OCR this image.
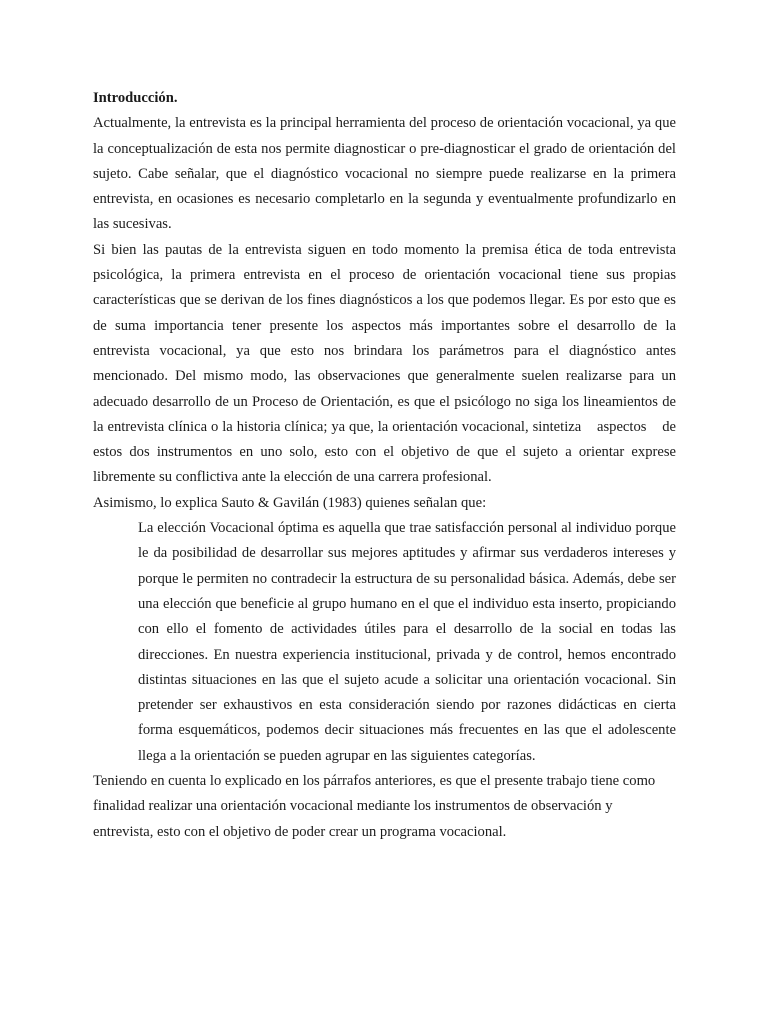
Introducción.

Actualmente, la entrevista es la principal herramienta del proceso de orientación vocacional, ya que la conceptualización de esta nos permite diagnosticar o pre-diagnosticar el grado de orientación del sujeto. Cabe señalar, que el diagnóstico vocacional no siempre puede realizarse en la primera entrevista, en ocasiones es necesario completarlo en la segunda y eventualmente profundizarlo en las sucesivas.

Si bien las pautas de la entrevista siguen en todo momento la premisa ética de toda entrevista psicológica, la primera entrevista en el proceso de orientación vocacional tiene sus propias características que se derivan de los fines diagnósticos a los que podemos llegar. Es por esto que es de suma importancia tener presente los aspectos más importantes sobre el desarrollo de la entrevista vocacional, ya que esto nos brindara los parámetros para el diagnóstico antes mencionado. Del mismo modo, las observaciones que generalmente suelen realizarse para un adecuado desarrollo de un Proceso de Orientación, es que el psicólogo no siga los lineamientos de la entrevista clínica o la historia clínica; ya que, la orientación vocacional, sintetiza    aspectos    de estos dos instrumentos en uno solo, esto con el objetivo de que el sujeto a orientar exprese libremente su conflictiva ante la elección de una carrera profesional.

Asimismo, lo explica Sauto & Gavilán (1983) quienes señalan que:

La elección Vocacional óptima es aquella que trae satisfacción personal al individuo porque le da posibilidad de desarrollar sus mejores aptitudes y afirmar sus verdaderos intereses y porque le permiten no contradecir la estructura de su personalidad básica. Además, debe ser una elección que beneficie al grupo humano en el que el individuo esta inserto, propiciando con ello el fomento de actividades útiles para el desarrollo de la social en todas las direcciones. En nuestra experiencia institucional, privada y de control, hemos encontrado distintas situaciones en las que el sujeto acude a solicitar una orientación vocacional. Sin pretender ser exhaustivos en esta consideración siendo por razones didácticas en cierta forma esquemáticos, podemos decir situaciones más frecuentes en las que el adolescente llega a la orientación se pueden agrupar en las siguientes categorías.

Teniendo en cuenta lo explicado en los párrafos anteriores, es que el presente trabajo tiene como finalidad realizar una orientación vocacional mediante los instrumentos de observación y entrevista, esto con el objetivo de poder crear un programa vocacional.
